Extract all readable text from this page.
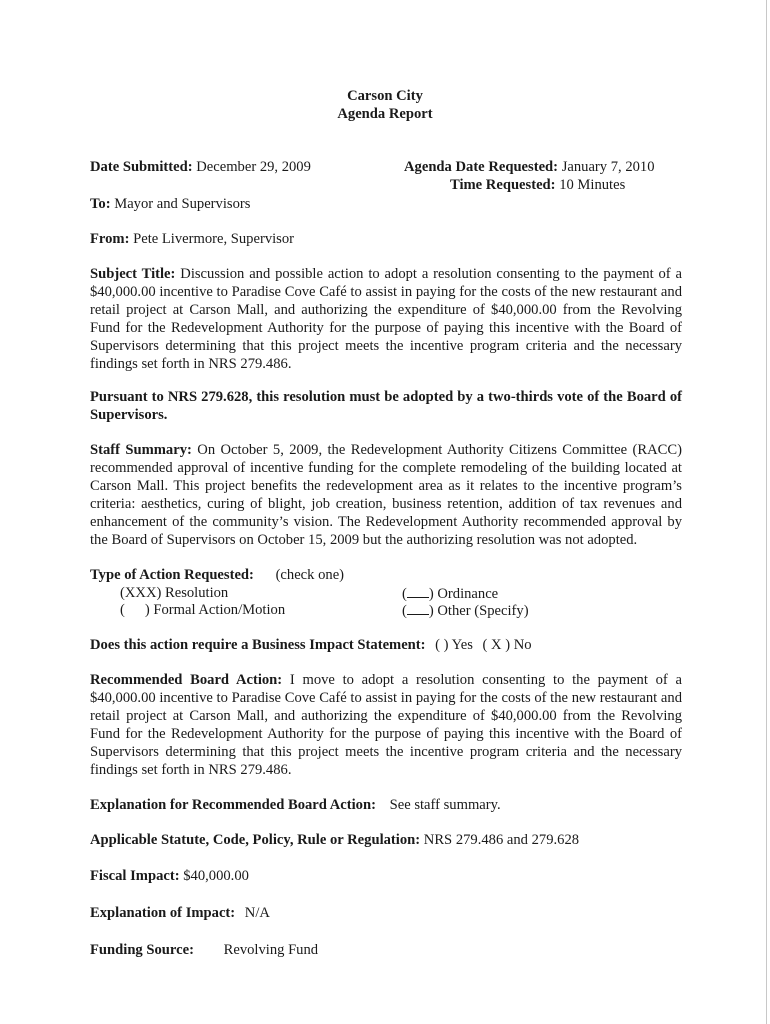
Carson City
Agenda Report
Date Submitted: December 29, 2009	Agenda Date Requested: January 7, 2010
Time Requested: 10 Minutes
To: Mayor and Supervisors
From: Pete Livermore, Supervisor
Subject Title: Discussion and possible action to adopt a resolution consenting to the payment of a $40,000.00 incentive to Paradise Cove Café to assist in paying for the costs of the new restaurant and retail project at Carson Mall, and authorizing the expenditure of $40,000.00 from the Revolving Fund for the Redevelopment Authority for the purpose of paying this incentive with the Board of Supervisors determining that this project meets the incentive program criteria and the necessary findings set forth in NRS 279.486.
Pursuant to NRS 279.628, this resolution must be adopted by a two-thirds vote of the Board of Supervisors.
Staff Summary: On October 5, 2009, the Redevelopment Authority Citizens Committee (RACC) recommended approval of incentive funding for the complete remodeling of the building located at Carson Mall. This project benefits the redevelopment area as it relates to the incentive program’s criteria: aesthetics, curing of blight, job creation, business retention, addition of tax revenues and enhancement of the community’s vision. The Redevelopment Authority recommended approval by the Board of Supervisors on October 15, 2009 but the authorizing resolution was not adopted.
Type of Action Requested: (check one)
(XXX) Resolution
( ) Formal Action/Motion
( ) Ordinance
( ) Other (Specify)
Does this action require a Business Impact Statement: ( ) Yes ( X ) No
Recommended Board Action: I move to adopt a resolution consenting to the payment of a $40,000.00 incentive to Paradise Cove Café to assist in paying for the costs of the new restaurant and retail project at Carson Mall, and authorizing the expenditure of $40,000.00 from the Revolving Fund for the Redevelopment Authority for the purpose of paying this incentive with the Board of Supervisors determining that this project meets the incentive program criteria and the necessary findings set forth in NRS 279.486.
Explanation for Recommended Board Action: See staff summary.
Applicable Statute, Code, Policy, Rule or Regulation: NRS 279.486 and 279.628
Fiscal Impact: $40,000.00
Explanation of Impact: N/A
Funding Source: Revolving Fund
